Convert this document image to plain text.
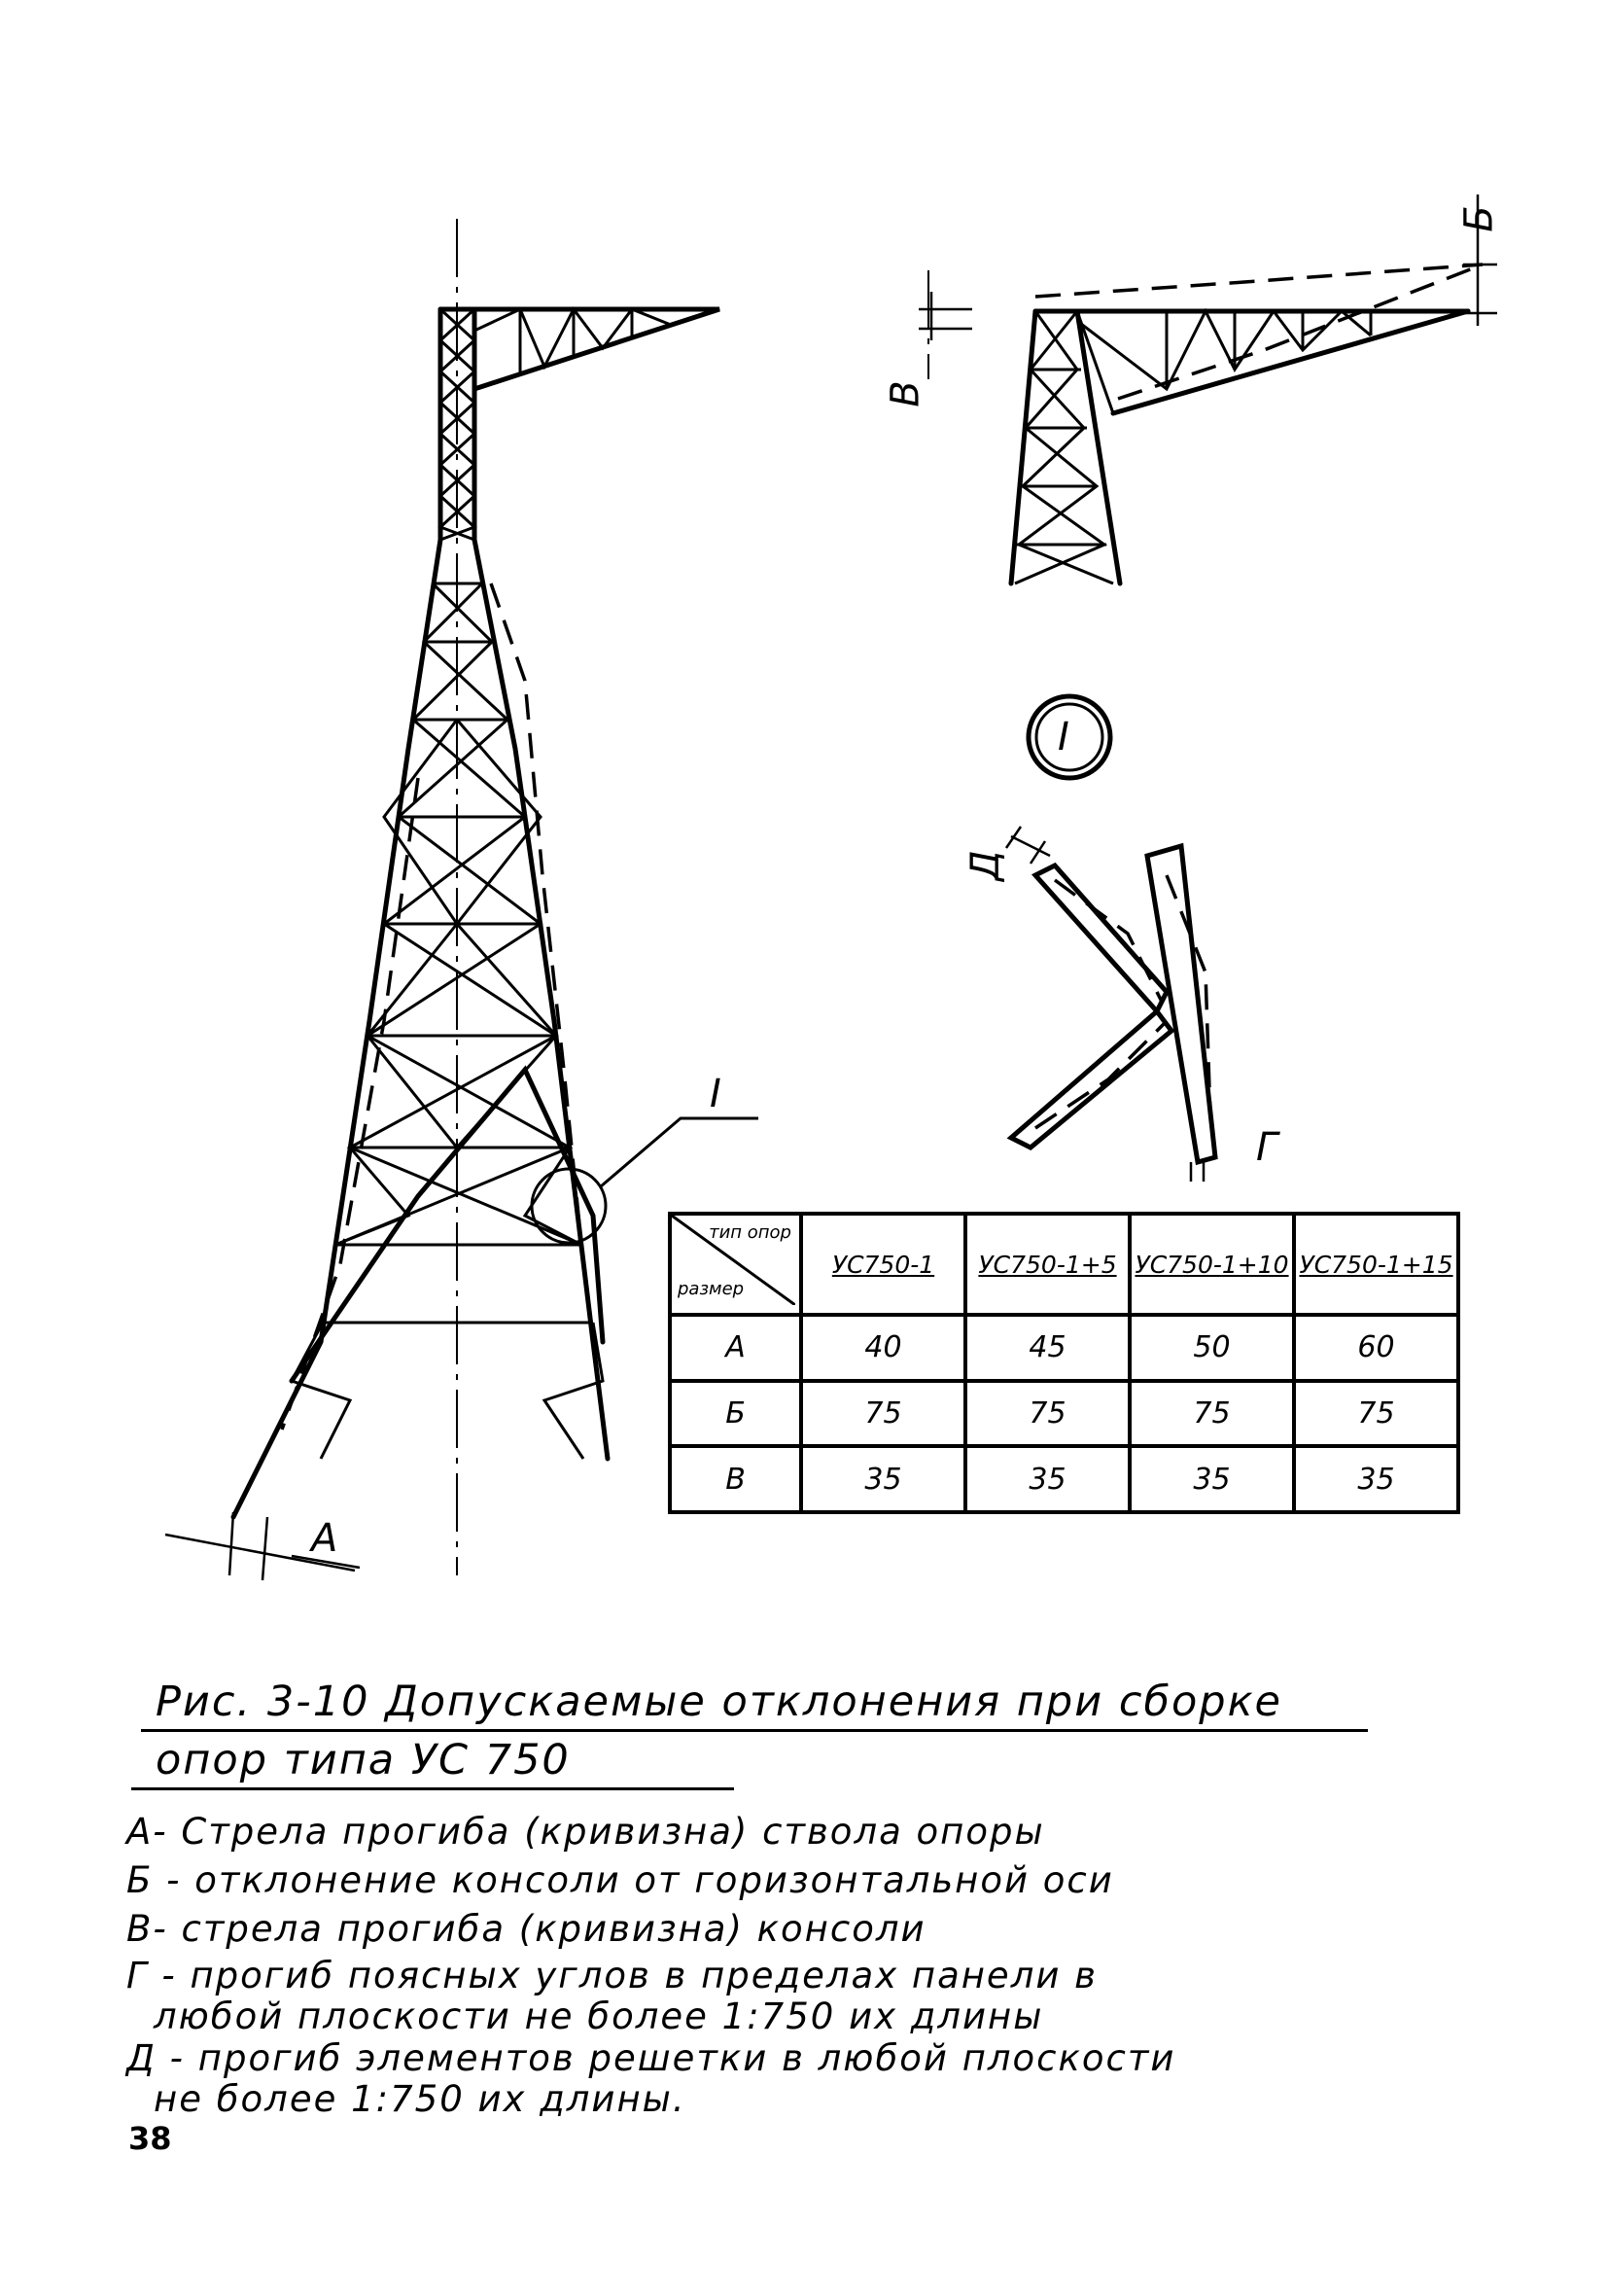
А
Б
В
Г
Д
I
I
тип опор
размер	УС750-1	УС750-1+5	УС750-1+10	УС750-1+15
А	40	45	50	60
Б	75	75	75	75
В	35	35	35	35
Рис. 3-10 Допускаемые отклонения при сборке
опор типа УС 750
А- Стрела прогиба (кривизна) ствола опоры
Б - отклонение консоли от горизонтальной оси
В- стрела прогиба (кривизна) консоли
Г - прогиб поясных углов в пределах панели в
любой плоскости не более 1:750 их длины
Д - прогиб элементов решетки в любой плоскости
не более 1:750 их длины.
38
